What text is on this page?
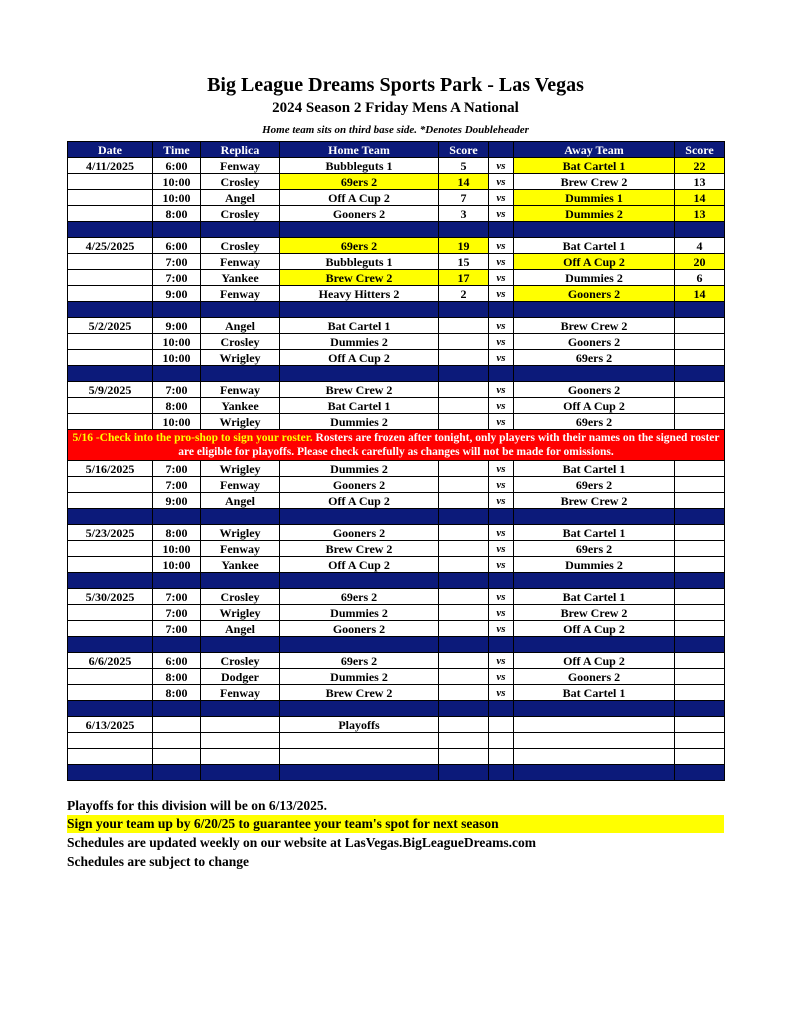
Big League Dreams Sports Park - Las Vegas
2024 Season 2 Friday Mens A National
Home team sits on third base side. *Denotes Doubleheader
Date	Time	Replica	Home Team	Score		Away Team	Score
4/11/2025	6:00	Fenway	Bubbleguts 1	5	vs	Bat Cartel 1	22
	10:00	Crosley	69ers 2	14	vs	Brew Crew 2	13
	10:00	Angel	Off A Cup 2	7	vs	Dummies 1	14
	8:00	Crosley	Gooners 2	3	vs	Dummies 2	13

4/25/2025	6:00	Crosley	69ers 2	19	vs	Bat Cartel 1	4
	7:00	Fenway	Bubbleguts 1	15	vs	Off A Cup 2	20
	7:00	Yankee	Brew Crew 2	17	vs	Dummies 2	6
	9:00	Fenway	Heavy Hitters 2	2	vs	Gooners 2	14

5/2/2025	9:00	Angel	Bat Cartel 1		vs	Brew Crew 2	
	10:00	Crosley	Dummies 2		vs	Gooners 2	
	10:00	Wrigley	Off A Cup 2		vs	69ers 2	

5/9/2025	7:00	Fenway	Brew Crew 2		vs	Gooners 2	
	8:00	Yankee	Bat Cartel 1		vs	Off A Cup 2	
	10:00	Wrigley	Dummies 2		vs	69ers 2	
5/16 -Check into the pro-shop to sign your roster. Rosters are frozen after tonight, only players with their names on the signed roster are eligible for playoffs. Please check carefully as changes will not be made for omissions.							
5/16/2025	7:00	Wrigley	Dummies 2		vs	Bat Cartel 1	
	7:00	Fenway	Gooners 2		vs	69ers 2	
	9:00	Angel	Off A Cup 2		vs	Brew Crew 2	

5/23/2025	8:00	Wrigley	Gooners 2		vs	Bat Cartel 1	
	10:00	Fenway	Brew Crew 2		vs	69ers 2	
	10:00	Yankee	Off A Cup 2		vs	Dummies 2	

5/30/2025	7:00	Crosley	69ers 2		vs	Bat Cartel 1	
	7:00	Wrigley	Dummies 2		vs	Brew Crew 2	
	7:00	Angel	Gooners 2		vs	Off A Cup 2	

6/6/2025	6:00	Crosley	69ers 2		vs	Off A Cup 2	
	8:00	Dodger	Dummies 2		vs	Gooners 2	
	8:00	Fenway	Brew Crew 2		vs	Bat Cartel 1	

6/13/2025			Playoffs				

Playoffs for this division will be on 6/13/2025.
Sign your team up by 6/20/25 to guarantee your team's spot for next season
Schedules are updated weekly on our website at LasVegas.BigLeagueDreams.com
Schedules are subject to change
